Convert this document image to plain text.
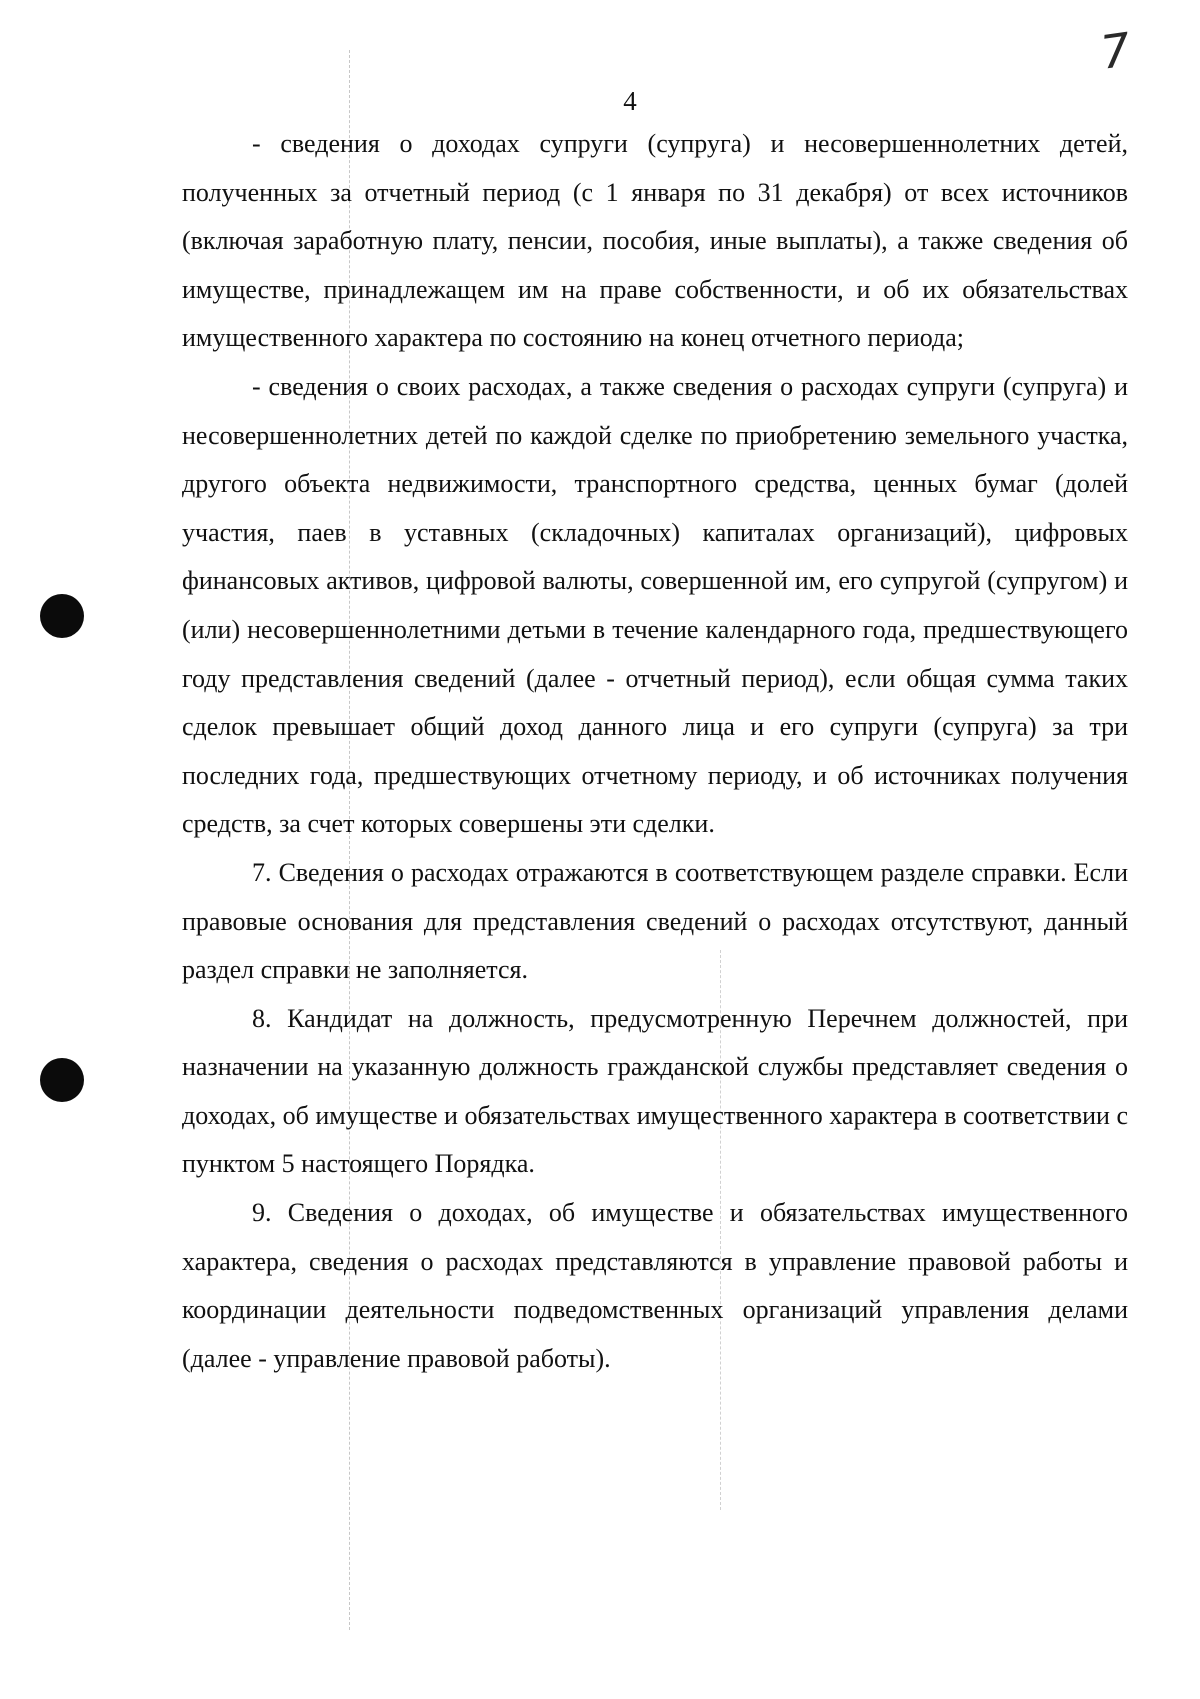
7
4

- сведения о доходах супруги (супруга) и несовершеннолетних детей, полученных за отчетный период (с 1 января по 31 декабря) от всех источников (включая заработную плату, пенсии, пособия, иные выплаты), а также сведения об имуществе, принадлежащем им на праве собственности, и об их обязательствах имущественного характера по состоянию на конец отчетного периода;

- сведения о своих расходах, а также сведения о расходах супруги (супруга) и несовершеннолетних детей по каждой сделке по приобретению земельного участка, другого объекта недвижимости, транспортного средства, ценных бумаг (долей участия, паев в уставных (складочных) капиталах организаций), цифровых финансовых активов, цифровой валюты, совершенной им, его супругой (супругом) и (или) несовершеннолетними детьми в течение календарного года, предшествующего году представления сведений (далее - отчетный период), если общая сумма таких сделок превышает общий доход данного лица и его супруги (супруга) за три последних года, предшествующих отчетному периоду, и об источниках получения средств, за счет которых совершены эти сделки.

7. Сведения о расходах отражаются в соответствующем разделе справки. Если правовые основания для представления сведений о расходах отсутствуют, данный раздел справки не заполняется.

8. Кандидат на должность, предусмотренную Перечнем должностей, при назначении на указанную должность гражданской службы представляет сведения о доходах, об имуществе и обязательствах имущественного характера в соответствии с пунктом 5 настоящего Порядка.

9. Сведения о доходах, об имуществе и обязательствах имущественного характера, сведения о расходах представляются в управление правовой работы и координации деятельности подведомственных организаций управления делами (далее - управление правовой работы).
